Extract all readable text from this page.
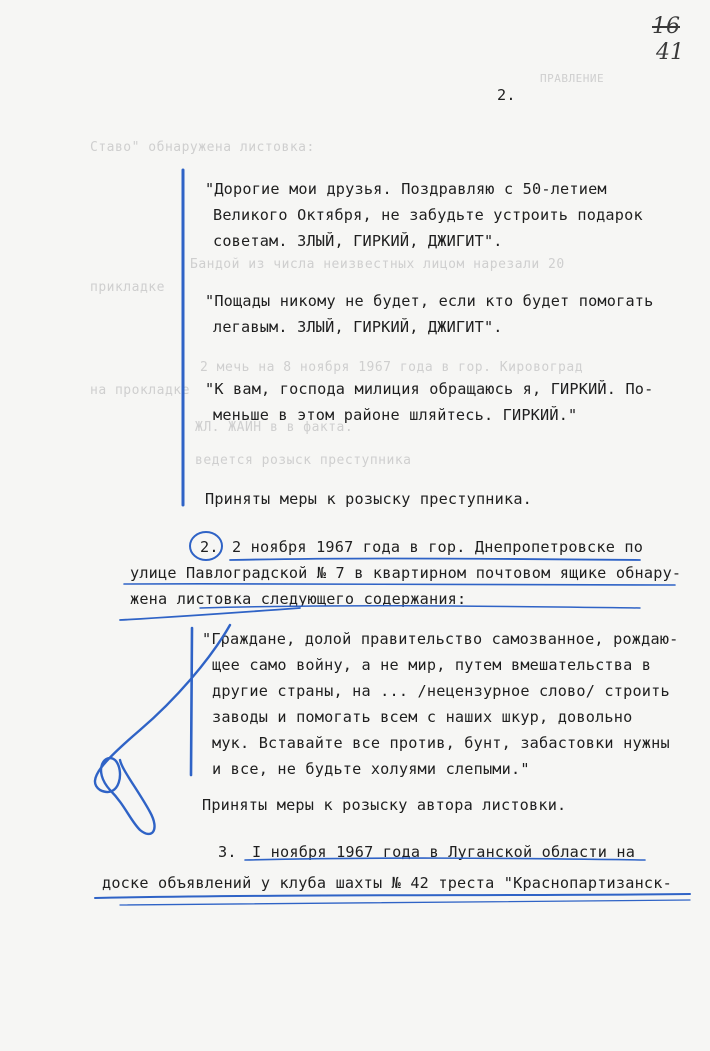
Ставо" обнаружена листовка:
ПРАВЛЕНИЕ
Бандой из числа неизвестных лицом нарезали 20
прикладке
2 мечь на 8 ноября 1967 года в гор. Кировоград
на прокладке
ЖЛ. ЖАЙН в в факта.
ведется розыск преступника
16
41
2.
"Дорогие мои друзья. Поздравляю с 50-летием
Великого Октября, не забудьте устроить подарок
советам. ЗЛЫЙ, ГИРКИЙ, ДЖИГИТ".
"Пощады никому не будет, если кто будет помогать
легавым. ЗЛЫЙ, ГИРКИЙ, ДЖИГИТ".
"К вам, господа милиция обращаюсь я, ГИРКИЙ. По-
меньше в этом районе шляйтесь. ГИРКИЙ."
Приняты меры к розыску преступника.
2. 2 ноября 1967 года в гор. Днепропетровске по
улице Павлоградской № 7 в квартирном почтовом ящике обнару-
жена листовка следующего содержания:
"Граждане, долой правительство самозванное, рождаю-
щее само войну, а не мир, путем вмешательства в
другие страны, на ... /нецензурное слово/ строить
заводы и помогать всем с наших шкур, довольно
мук. Вставайте все против, бунт, забастовки нужны
и все, не будьте холуями слепыми."
Приняты меры к розыску автора листовки.
3. I ноября 1967 года в Луганской области на
доске объявлений у клуба шахты № 42 треста "Краснопартизанск-
